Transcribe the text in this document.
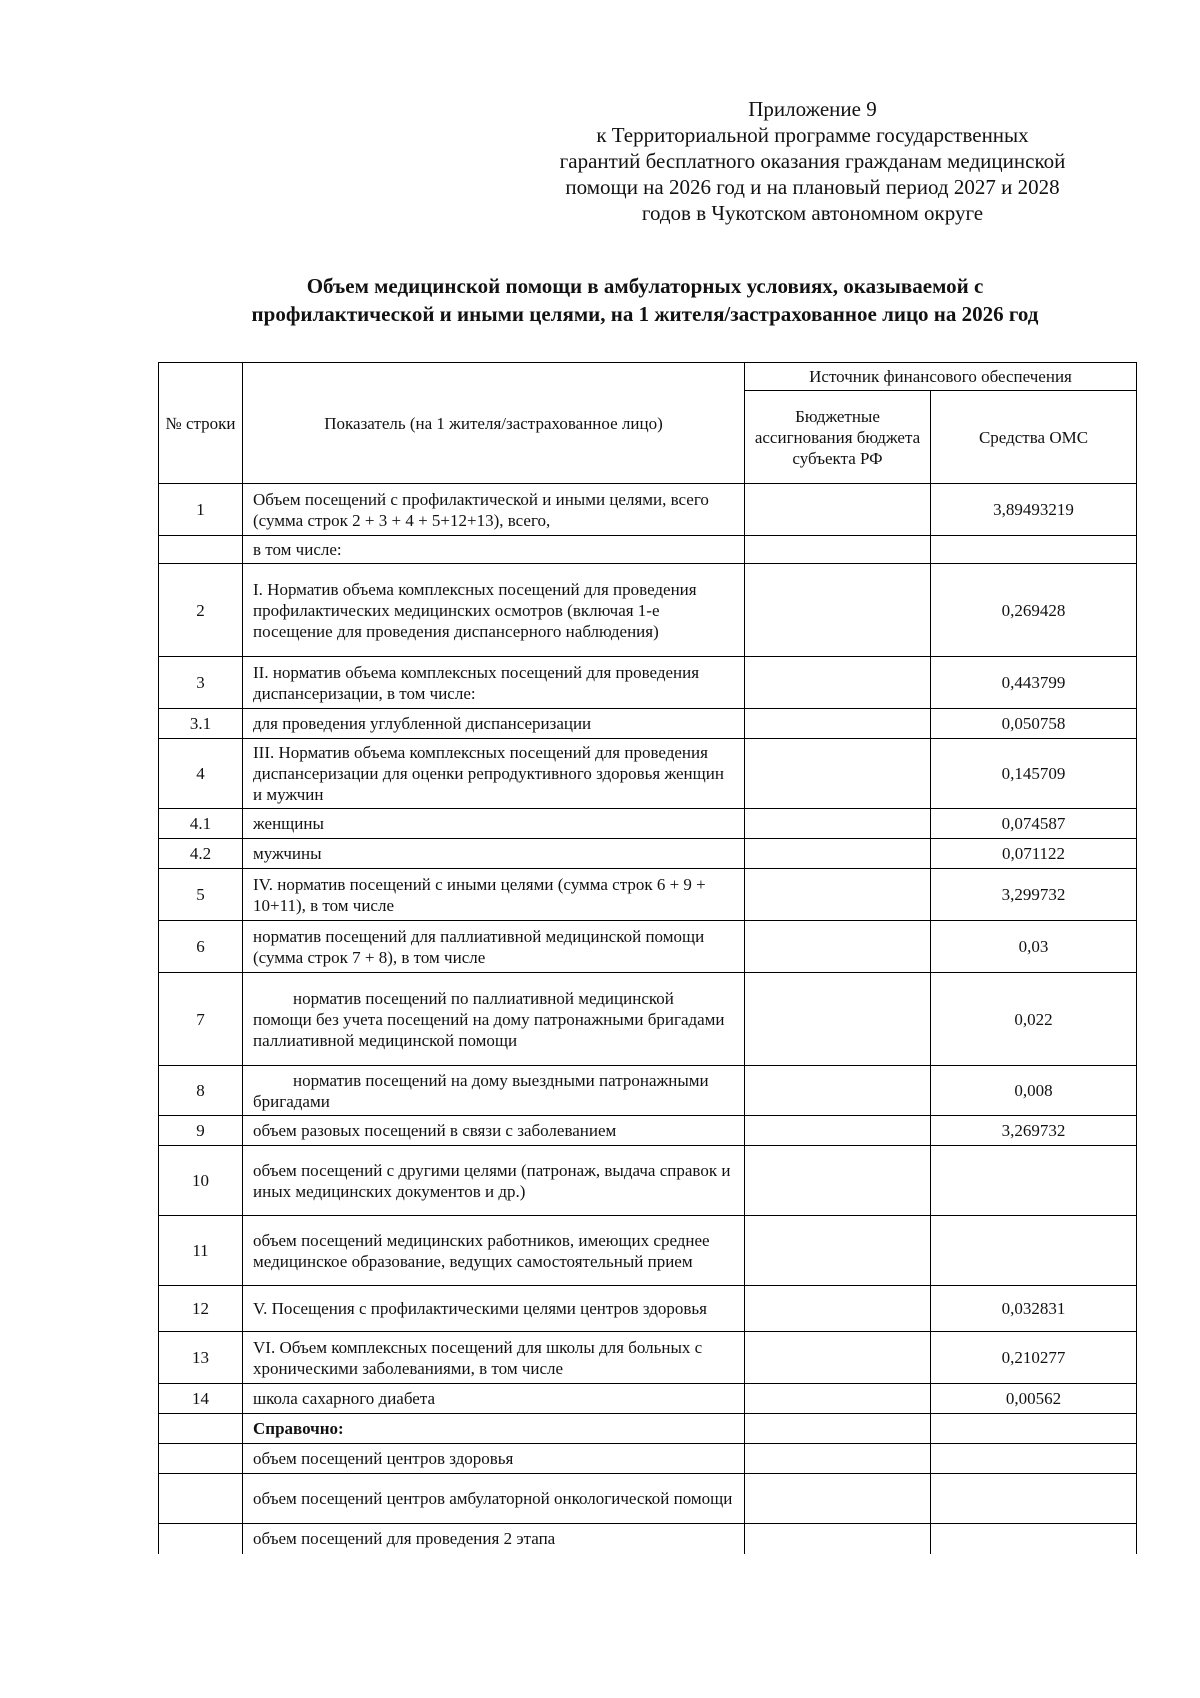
Приложение 9
к Территориальной программе государственных
гарантий бесплатного оказания гражданам медицинской
помощи на 2026 год и на плановый период 2027 и 2028
годов в Чукотском автономном округе
Объем медицинской помощи в амбулаторных условиях, оказываемой с
профилактической и иными целями, на 1 жителя/застрахованное лицо на 2026 год
№ строки	Показатель (на 1 жителя/застрахованное лицо)	Источник финансового обеспечения	
		Бюджетные ассигнования бюджета субъекта РФ	Средства ОМС
1	Объем посещений с профилактической и иными целями, всего (сумма строк 2 + 3 + 4 + 5+12+13), всего,		3,89493219
	в том числе:		
2	I. Норматив объема комплексных посещений для проведения профилактических медицинских осмотров (включая 1-е посещение для проведения диспансерного наблюдения)		0,269428
3	II. норматив объема комплексных посещений для проведения диспансеризации, в том числе:		0,443799
3.1	для проведения углубленной диспансеризации		0,050758
4	III. Норматив объема комплексных посещений для проведения диспансеризации для оценки репродуктивного здоровья женщин и мужчин		0,145709
4.1	женщины		0,074587
4.2	мужчины		0,071122
5	IV. норматив посещений с иными целями (сумма строк 6 + 9 + 10+11), в том числе		3,299732
6	норматив посещений для паллиативной медицинской помощи (сумма строк 7 + 8), в том числе		0,03
7	норматив посещений по паллиативной медицинской помощи без учета посещений на дому патронажными бригадами паллиативной медицинской помощи		0,022
8	норматив посещений на дому выездными патронажными бригадами		0,008
9	объем разовых посещений в связи с заболеванием		3,269732
10	объем посещений с другими целями (патронаж, выдача справок и иных медицинских документов и др.)		
11	объем посещений медицинских работников, имеющих среднее медицинское образование, ведущих самостоятельный прием		
12	V. Посещения с профилактическими целями центров здоровья		0,032831
13	VI. Объем комплексных посещений для школы для больных с хроническими заболеваниями, в том числе		0,210277
14	школа сахарного диабета		0,00562
	Справочно:		
	объем посещений центров здоровья		
	объем посещений центров амбулаторной онкологической помощи		
	объем посещений для проведения 2 этапа		
